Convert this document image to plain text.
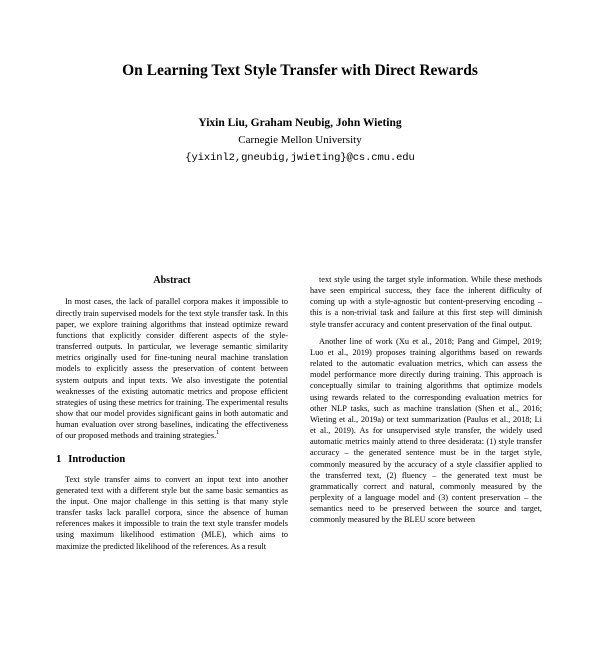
On Learning Text Style Transfer with Direct Rewards
Yixin Liu, Graham Neubig, John Wieting
Carnegie Mellon University
{yixinl2,gneubig,jwieting}@cs.cmu.edu
Abstract

In most cases, the lack of parallel corpora makes it impossible to directly train supervised models for the text style transfer task. In this paper, we explore training algorithms that instead optimize reward functions that explicitly consider different aspects of the style-transferred outputs. In particular, we leverage semantic similarity metrics originally used for fine-tuning neural machine translation models to explicitly assess the preservation of content between system outputs and input texts. We also investigate the potential weaknesses of the existing automatic metrics and propose efficient strategies of using these metrics for training. The experimental results show that our model provides significant gains in both automatic and human evaluation over strong baselines, indicating the effectiveness of our proposed methods and training strategies.$^1$

1 Introduction

Text style transfer aims to convert an input text into another generated text with a different style but the same basic semantics as the input. One major challenge in this setting is that many style transfer tasks lack parallel corpora, since the absence of human references makes it impossible to train the text style transfer models using maximum likelihood estimation (MLE), which aims to maximize the predicted likelihood of the references. As a result

text style using the target style information. While these methods have seen empirical success, they face the inherent difficulty of coming up with a style-agnostic but content-preserving encoding – this is a non-trivial task and failure at this first step will diminish style transfer accuracy and content preservation of the final output.

Another line of work (Xu et al., 2018; Pang and Gimpel, 2019; Luo et al., 2019) proposes training algorithms based on rewards related to the automatic evaluation metrics, which can assess the model performance more directly during training. This approach is conceptually similar to training algorithms that optimize models using rewards related to the corresponding evaluation metrics for other NLP tasks, such as machine translation (Shen et al., 2016; Wieting et al., 2019a) or text summarization (Paulus et al., 2018; Li et al., 2019). As for unsupervised style transfer, the widely used automatic metrics mainly attend to three desiderata: (1) style transfer accuracy – the generated sentence must be in the target style, commonly measured by the accuracy of a style classifier applied to the transferred text, (2) fluency – the generated text must be grammatically correct and natural, commonly measured by the perplexity of a language model and (3) content preservation – the semantics need to be preserved between the source and target, commonly measured by the BLEU score between
